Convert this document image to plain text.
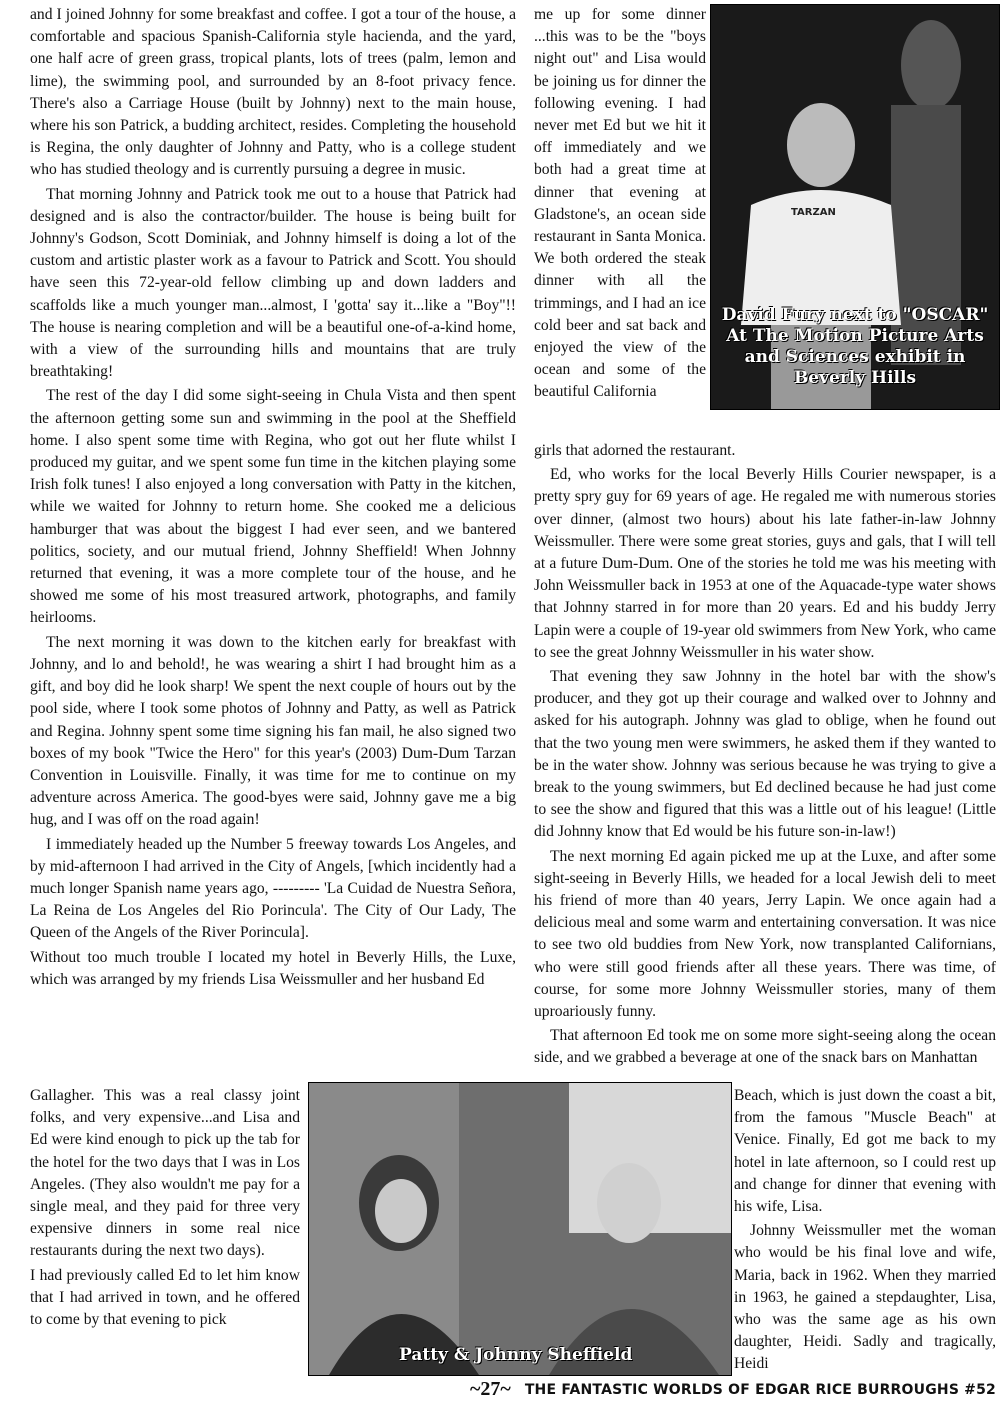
and I joined Johnny for some breakfast and coffee. I got a tour of the house, a comfortable and spacious Spanish-California style hacienda, and the yard, one half acre of green grass, tropical plants, lots of trees (palm, lemon and lime), the swimming pool, and surrounded by an 8-foot privacy fence. There's also a Carriage House (built by Johnny) next to the main house, where his son Patrick, a budding architect, resides. Completing the household is Regina, the only daughter of Johnny and Patty, who is a college student who has studied theology and is currently pursuing a degree in music.

That morning Johnny and Patrick took me out to a house that Patrick had designed and is also the contractor/builder. The house is being built for Johnny's Godson, Scott Dominiak, and Johnny himself is doing a lot of the custom and artistic plaster work as a favour to Patrick and Scott. You should have seen this 72-year-old fellow climbing up and down ladders and scaffolds like a much younger man...almost, I 'gotta' say it...like a "Boy"!! The house is nearing completion and will be a beautiful one-of-a-kind home, with a view of the surrounding hills and mountains that are truly breathtaking!

The rest of the day I did some sight-seeing in Chula Vista and then spent the afternoon getting some sun and swimming in the pool at the Sheffield home. I also spent some time with Regina, who got out her flute whilst I produced my guitar, and we spent some fun time in the kitchen playing some Irish folk tunes! I also enjoyed a long conversation with Patty in the kitchen, while we waited for Johnny to return home. She cooked me a delicious hamburger that was about the biggest I had ever seen, and we bantered politics, society, and our mutual friend, Johnny Sheffield! When Johnny returned that evening, it was a more complete tour of the house, and he showed me some of his most treasured artwork, photographs, and family heirlooms.

The next morning it was down to the kitchen early for breakfast with Johnny, and lo and behold!, he was wearing a shirt I had brought him as a gift, and boy did he look sharp! We spent the next couple of hours out by the pool side, where I took some photos of Johnny and Patty, as well as Patrick and Regina. Johnny spent some time signing his fan mail, he also signed two boxes of my book "Twice the Hero" for this year's (2003) Dum-Dum Tarzan Convention in Louisville. Finally, it was time for me to continue on my adventure across America. The good-byes were said, Johnny gave me a big hug, and I was off on the road again!

I immediately headed up the Number 5 freeway towards Los Angeles, and by mid-afternoon I had arrived in the City of Angels, [which incidently had a much longer Spanish name years ago, --------- 'La Cuidad de Nuestra Señora, La Reina de Los Angeles del Rio Porincula'. The City of Our Lady, The Queen of the Angels of the River Porincula].

Without too much trouble I located my hotel in Beverly Hills, the Luxe, which was arranged by my friends Lisa Weissmuller and her husband Ed

me up for some dinner ...this was to be the "boys night out" and Lisa would be joining us for dinner the following evening. I had never met Ed but we hit it off immediately and we both had a great time at dinner that evening at Gladstone's, an ocean side restaurant in Santa Monica. We both ordered the steak dinner with all the trimmings, and I had an ice cold beer and sat back and enjoyed the view of the ocean and some of the beautiful California

TARZAN
David Fury next to "OSCAR" At The Motion Picture Arts and Sciences exhibit in Beverly Hills

girls that adorned the restaurant.

Ed, who works for the local Beverly Hills Courier newspaper, is a pretty spry guy for 69 years of age. He regaled me with numerous stories over dinner, (almost two hours) about his late father-in-law Johnny Weissmuller. There were some great stories, guys and gals, that I will tell at a future Dum-Dum. One of the stories he told me was his meeting with John Weissmuller back in 1953 at one of the Aquacade-type water shows that Johnny starred in for more than 20 years. Ed and his buddy Jerry Lapin were a couple of 19-year old swimmers from New York, who came to see the great Johnny Weissmuller in his water show.

That evening they saw Johnny in the hotel bar with the show's producer, and they got up their courage and walked over to Johnny and asked for his autograph. Johnny was glad to oblige, when he found out that the two young men were swimmers, he asked them if they wanted to be in the water show. Johnny was serious because he was trying to give a break to the young swimmers, but Ed declined because he had just come to see the show and figured that this was a little out of his league! (Little did Johnny know that Ed would be his future son-in-law!)

The next morning Ed again picked me up at the Luxe, and after some sight-seeing in Beverly Hills, we headed for a local Jewish deli to meet his friend of more than 40 years, Jerry Lapin. We once again had a delicious meal and some warm and entertaining conversation. It was nice to see two old buddies from New York, now transplanted Californians, who were still good friends after all these years. There was time, of course, for some more Johnny Weissmuller stories, many of them uproariously funny.

That afternoon Ed took me on some more sight-seeing along the ocean side, and we grabbed a beverage at one of the snack bars on Manhattan

Gallagher. This was a real classy joint folks, and very expensive...and Lisa and Ed were kind enough to pick up the tab for the hotel for the two days that I was in Los Angeles. (They also wouldn't me pay for a single meal, and they paid for three very expensive dinners in some real nice restaurants during the next two days).

I had previously called Ed to let him know that I had arrived in town, and he offered to come by that evening to pick

Patty & Johnny Sheffield

Beach, which is just down the coast a bit, from the famous "Muscle Beach" at Venice. Finally, Ed got me back to my hotel in late afternoon, so I could rest up and change for dinner that evening with his wife, Lisa.

Johnny Weissmuller met the woman who would be his final love and wife, Maria, back in 1962. When they married in 1963, he gained a stepdaughter, Lisa, who was the same age as his own daughter, Heidi. Sadly and tragically, Heidi

~27~ THE FANTASTIC WORLDS OF EDGAR RICE BURROUGHS #52
